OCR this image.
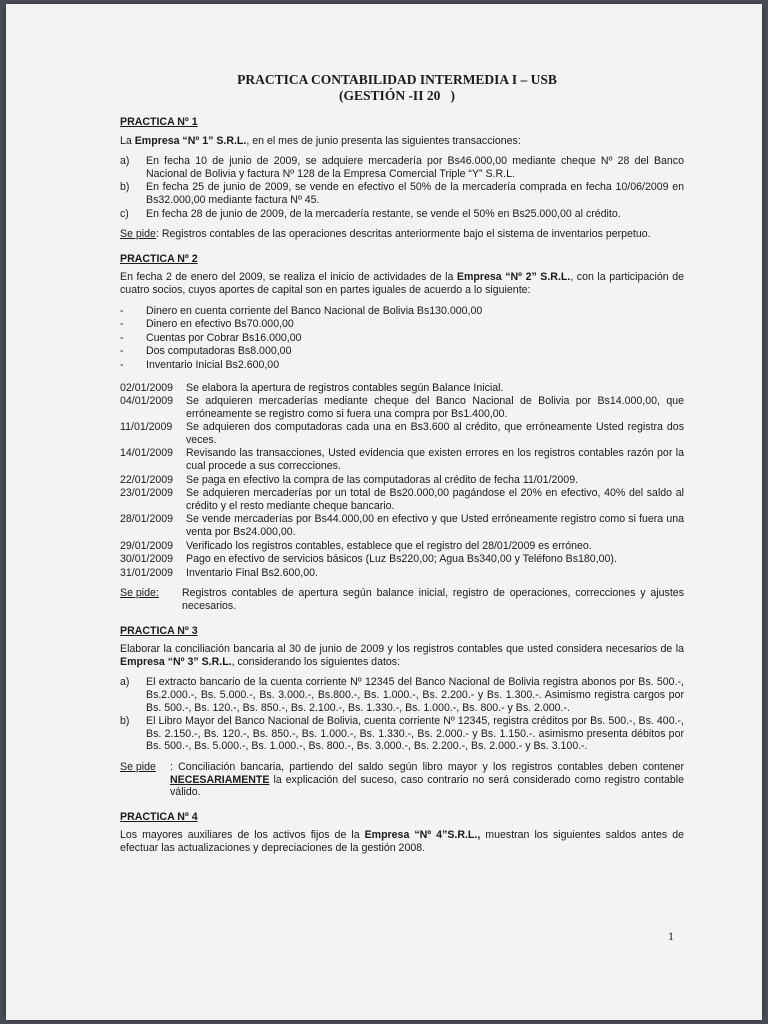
PRACTICA CONTABILIDAD INTERMEDIA I – USB
(GESTIÓN -II 20 )
PRACTICA Nº 1

La Empresa “Nº 1” S.R.L., en el mes de junio presenta las siguientes transacciones:

a)	En fecha 10 de junio de 2009, se adquiere mercadería por Bs46.000,00 mediante cheque Nº 28 del Banco Nacional de Bolivia y factura Nº 128 de la Empresa Comercial Triple “Y” S.R.L.
b)	En fecha 25 de junio de 2009, se vende en efectivo el 50% de la mercadería comprada en fecha 10/06/2009 en Bs32.000,00 mediante factura Nº 45.
c)	En fecha 28 de junio de 2009, de la mercadería restante, se vende el 50% en Bs25.000,00 al crédito.

Se pide: Registros contables de las operaciones descritas anteriormente bajo el sistema de inventarios perpetuo.

PRACTICA Nº 2

En fecha 2 de enero del 2009, se realiza el inicio de actividades de la Empresa “Nº 2” S.R.L., con la participación de cuatro socios, cuyos aportes de capital son en partes iguales de acuerdo a lo siguiente:

-	Dinero en cuenta corriente del Banco Nacional de Bolivia Bs130.000,00
-	Dinero en efectivo Bs70.000,00
-	Cuentas por Cobrar Bs16.000,00
-	Dos computadoras Bs8.000,00
-	Inventario Inicial Bs2.600,00
02/01/2009	Se elabora la apertura de registros contables según Balance Inicial.
04/01/2009	Se adquieren mercaderías mediante cheque del Banco Nacional de Bolivia por Bs14.000,00, que erróneamente se registro como si fuera una compra por Bs1.400,00.
11/01/2009	Se adquieren dos computadoras cada una en Bs3.600 al crédito, que erróneamente Usted registra dos veces.
14/01/2009	Revisando las transacciones, Usted evidencia que existen errores en los registros contables razón por la cual procede a sus correcciones.
22/01/2009	Se paga en efectivo la compra de las computadoras al crédito de fecha 11/01/2009.
23/01/2009	Se adquieren mercaderías por un total de Bs20.000,00 pagándose el 20% en efectivo, 40% del saldo al crédito y el resto mediante cheque bancario.
28/01/2009	Se vende mercaderías por Bs44.000,00 en efectivo y que Usted erróneamente registro como si fuera una venta por Bs24.000,00.
29/01/2009	Verificado los registros contables, establece que el registro del 28/01/2009 es erróneo.
30/01/2009	Pago en efectivo de servicios básicos (Luz Bs220,00; Agua Bs340,00 y Teléfono Bs180,00).
31/01/2009	Inventario Final Bs2.600,00.
Se pide:	Registros contables de apertura según balance inicial, registro de operaciones, correcciones y ajustes necesarios.
PRACTICA Nº 3

Elaborar la conciliación bancaria al 30 de junio de 2009 y los registros contables que usted considera necesarios de la Empresa “Nº 3” S.R.L., considerando los siguientes datos:

a)	El extracto bancario de la cuenta corriente Nº 12345 del Banco Nacional de Bolivia registra abonos por Bs. 500.-, Bs.2.000.-, Bs. 5.000.-, Bs. 3.000.-, Bs.800.-, Bs. 1.000.-, Bs. 2.200.- y Bs. 1.300.-. Asimismo registra cargos por Bs. 500.-, Bs. 120.-, Bs. 850.-, Bs. 2.100.-, Bs. 1.330.-, Bs. 1.000.-, Bs. 800.- y Bs. 2.000.-.
b)	El Libro Mayor del Banco Nacional de Bolivia, cuenta corriente Nº 12345, registra créditos por Bs. 500.-, Bs. 400.-, Bs. 2.150.-, Bs. 120.-, Bs. 850.-, Bs. 1.000.-, Bs. 1.330.-, Bs. 2.000.- y Bs. 1.150.-. asimismo presenta débitos por Bs. 500.-, Bs. 5.000.-, Bs. 1.000.-, Bs. 800.-, Bs. 3.000.-, Bs. 2.200.-, Bs. 2.000.- y Bs. 3.100.-.
Se pide	: Conciliación bancaria, partiendo del saldo según libro mayor y los registros contables deben contener NECESARIAMENTE la explicación del suceso, caso contrario no será considerado como registro contable válido.
PRACTICA Nº 4

Los mayores auxiliares de los activos fijos de la Empresa “Nº 4”S.R.L., muestran los siguientes saldos antes de efectuar las actualizaciones y depreciaciones de la gestión 2008.

1
